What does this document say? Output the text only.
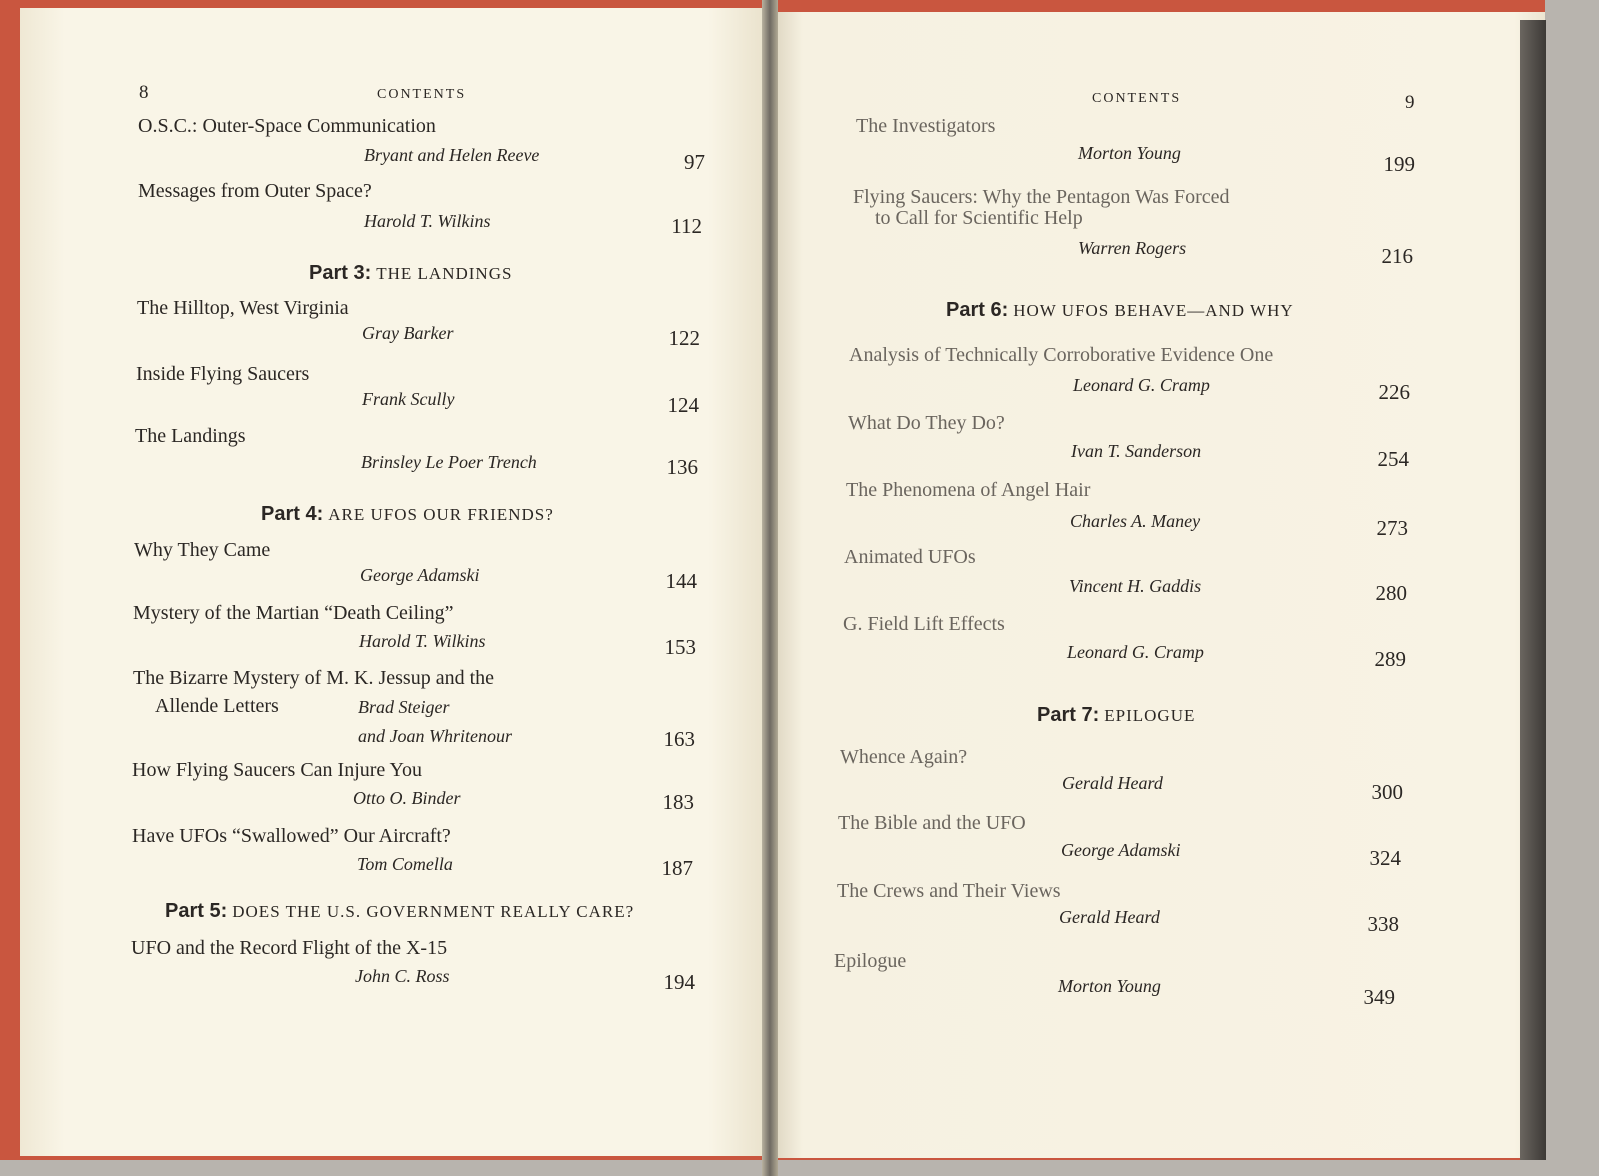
8	CONTENTS
O.S.C.: Outer-Space Communication
Bryant and Helen Reeve	97
Messages from Outer Space?
Harold T. Wilkins	112
Part 3: THE LANDINGS
The Hilltop, West Virginia
Gray Barker	122
Inside Flying Saucers
Frank Scully	124
The Landings
Brinsley Le Poer Trench	136
Part 4: ARE UFOS OUR FRIENDS?
Why They Came
George Adamski	144
Mystery of the Martian “Death Ceiling”
Harold T. Wilkins	153
The Bizarre Mystery of M. K. Jessup and the
Allende Letters	Brad Steiger
and Joan Whritenour	163
How Flying Saucers Can Injure You
Otto O. Binder	183
Have UFOs “Swallowed” Our Aircraft?
Tom Comella	187
Part 5: DOES THE U.S. GOVERNMENT REALLY CARE?
UFO and the Record Flight of the X-15
John C. Ross	194
CONTENTS	9
The Investigators
Morton Young	199
Flying Saucers: Why the Pentagon Was Forced
to Call for Scientific Help
Warren Rogers	216
Part 6: HOW UFOS BEHAVE—AND WHY
Analysis of Technically Corroborative Evidence One
Leonard G. Cramp	226
What Do They Do?
Ivan T. Sanderson	254
The Phenomena of Angel Hair
Charles A. Maney	273
Animated UFOs
Vincent H. Gaddis	280
G. Field Lift Effects
Leonard G. Cramp	289
Part 7: EPILOGUE
Whence Again?
Gerald Heard	300
The Bible and the UFO
George Adamski	324
The Crews and Their Views
Gerald Heard	338
Epilogue
Morton Young	349
